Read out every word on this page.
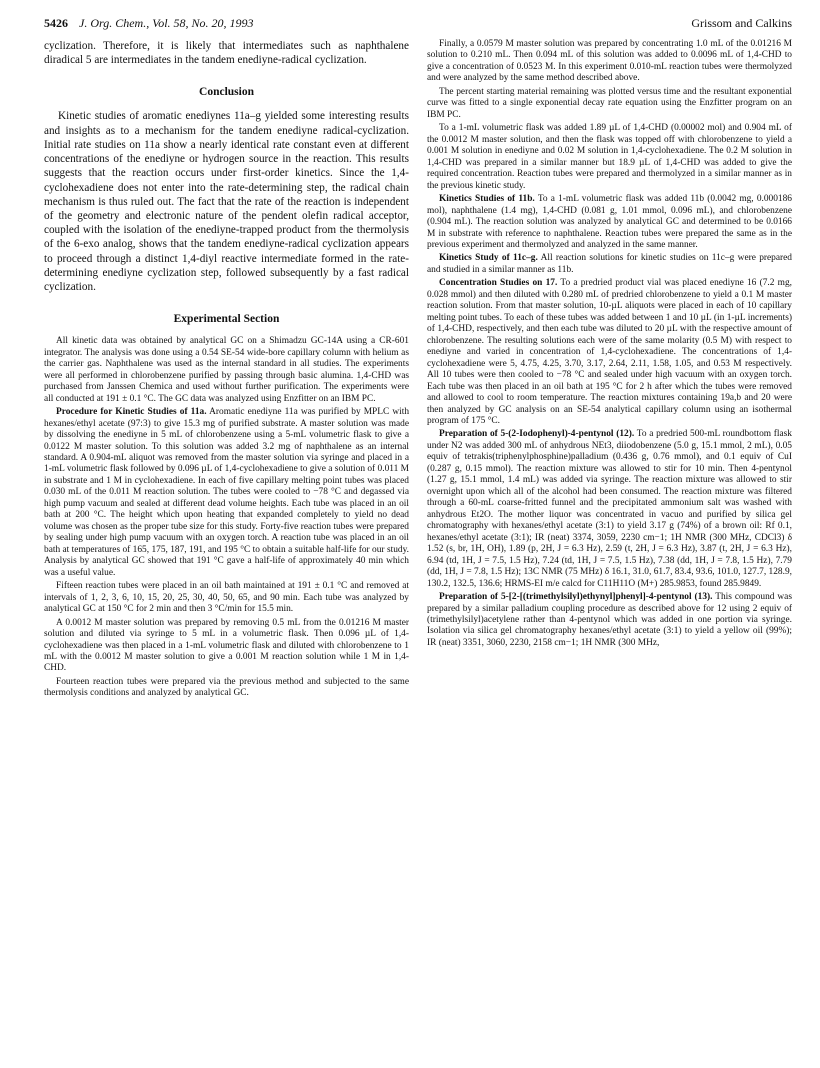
5426 J. Org. Chem., Vol. 58, No. 20, 1993	Grissom and Calkins

cyclization. Therefore, it is likely that intermediates such as naphthalene diradical 5 are intermediates in the tandem enediyne-radical cyclization.

Conclusion

Kinetic studies of aromatic enediynes 11a–g yielded some interesting results and insights as to a mechanism for the tandem enediyne radical-cyclization. Initial rate studies on 11a show a nearly identical rate constant even at different concentrations of the enediyne or hydrogen source in the reaction. This results suggests that the reaction occurs under first-order kinetics. Since the 1,4-cyclohexadiene does not enter into the rate-determining step, the radical chain mechanism is thus ruled out. The fact that the rate of the reaction is independent of the geometry and electronic nature of the pendent olefin radical acceptor, coupled with the isolation of the enediyne-trapped product from the thermolysis of the 6-exo analog, shows that the tandem enediyne-radical cyclization appears to proceed through a distinct 1,4-diyl reactive intermediate formed in the rate-determining enediyne cyclization step, followed subsequently by a fast radical cyclization.

Experimental Section

All kinetic data was obtained by analytical GC on a Shimadzu GC-14A using a CR-601 integrator. The analysis was done using a 0.54 SE-54 wide-bore capillary column with helium as the carrier gas. Naphthalene was used as the internal standard in all studies. The experiments were all performed in chlorobenzene purified by passing through basic alumina. 1,4-CHD was purchased from Janssen Chemica and used without further purification. The experiments were all conducted at 191 ± 0.1 °C. The GC data was analyzed using Enzfitter on an IBM PC.

Procedure for Kinetic Studies of 11a. Aromatic enediyne 11a was purified by MPLC with hexanes/ethyl acetate (97:3) to give 15.3 mg of purified substrate. A master solution was made by dissolving the enediyne in 5 mL of chlorobenzene using a 5-mL volumetric flask to give a 0.0122 M master solution. To this solution was added 3.2 mg of naphthalene as an internal standard. A 0.904-mL aliquot was removed from the master solution via syringe and placed in a 1-mL volumetric flask followed by 0.096 µL of 1,4-cyclohexadiene to give a solution of 0.011 M in substrate and 1 M in cyclohexadiene. In each of five capillary melting point tubes was placed 0.030 mL of the 0.011 M reaction solution. The tubes were cooled to −78 °C and degassed via high pump vacuum and sealed at different dead volume heights. Each tube was placed in an oil bath at 200 °C. The height which upon heating that expanded completely to yield no dead volume was chosen as the proper tube size for this study. Forty-five reaction tubes were prepared by sealing under high pump vacuum with an oxygen torch. A reaction tube was placed in an oil bath at temperatures of 165, 175, 187, 191, and 195 °C to obtain a suitable half-life for our study. Analysis by analytical GC showed that 191 °C gave a half-life of approximately 40 min which was a useful value.

Fifteen reaction tubes were placed in an oil bath maintained at 191 ± 0.1 °C and removed at intervals of 1, 2, 3, 6, 10, 15, 20, 25, 30, 40, 50, 65, and 90 min. Each tube was analyzed by analytical GC at 150 °C for 2 min and then 3 °C/min for 15.5 min.

A 0.0012 M master solution was prepared by removing 0.5 mL from the 0.01216 M master solution and diluted via syringe to 5 mL in a volumetric flask. Then 0.096 µL of 1,4-cyclohexadiene was then placed in a 1-mL volumetric flask and diluted with chlorobenzene to 1 mL with the 0.0012 M master solution to give a 0.001 M reaction solution while 1 M in 1,4-CHD.

Fourteen reaction tubes were prepared via the previous method and subjected to the same thermolysis conditions and analyzed by analytical GC.

Finally, a 0.0579 M master solution was prepared by concentrating 1.0 mL of the 0.01216 M solution to 0.210 mL. Then 0.094 mL of this solution was added to 0.0096 mL of 1,4-CHD to give a concentration of 0.0523 M. In this experiment 0.010-mL reaction tubes were thermolyzed and were analyzed by the same method described above.

The percent starting material remaining was plotted versus time and the resultant exponential curve was fitted to a single exponential decay rate equation using the Enzfitter program on an IBM PC.

To a 1-mL volumetric flask was added 1.89 µL of 1,4-CHD (0.00002 mol) and 0.904 mL of the 0.0012 M master solution, and then the flask was topped off with chlorobenzene to yield a 0.001 M solution in enediyne and 0.02 M solution in 1,4-cyclohexadiene. The 0.2 M solution in 1,4-CHD was prepared in a similar manner but 18.9 µL of 1,4-CHD was added to give the required concentration. Reaction tubes were prepared and thermolyzed in a similar manner as in the previous kinetic study.

Kinetics Studies of 11b. To a 1-mL volumetric flask was added 11b (0.0042 mg, 0.000186 mol), naphthalene (1.4 mg), 1,4-CHD (0.081 g, 1.01 mmol, 0.096 mL), and chlorobenzene (0.904 mL). The reaction solution was analyzed by analytical GC and determined to be 0.0166 M in substrate with reference to naphthalene. Reaction tubes were prepared the same as in the previous experiment and thermolyzed and analyzed in the same manner.

Kinetics Study of 11c–g. All reaction solutions for kinetic studies on 11c–g were prepared and studied in a similar manner as 11b.

Concentration Studies on 17. To a predried product vial was placed enediyne 16 (7.2 mg, 0.028 mmol) and then diluted with 0.280 mL of predried chlorobenzene to yield a 0.1 M master reaction solution. From that master solution, 10-µL aliquots were placed in each of 10 capillary melting point tubes. To each of these tubes was added between 1 and 10 µL (in 1-µL increments) of 1,4-CHD, respectively, and then each tube was diluted to 20 µL with the respective amount of chlorobenzene. The resulting solutions each were of the same molarity (0.5 M) with respect to enediyne and varied in concentration of 1,4-cyclohexadiene. The concentrations of 1,4-cyclohexadiene were 5, 4.75, 4.25, 3.70, 3.17, 2.64, 2.11, 1.58, 1.05, and 0.53 M respectively. All 10 tubes were then cooled to −78 °C and sealed under high vacuum with an oxygen torch. Each tube was then placed in an oil bath at 195 °C for 2 h after which the tubes were removed and allowed to cool to room temperature. The reaction mixtures containing 19a,b and 20 were then analyzed by GC analysis on an SE-54 analytical capillary column using an isothermal program of 175 °C.

Preparation of 5-(2-Iodophenyl)-4-pentynol (12). To a predried 500-mL roundbottom flask under N2 was added 300 mL of anhydrous NEt3, diiodobenzene (5.0 g, 15.1 mmol, 2 mL), 0.05 equiv of tetrakis(triphenylphosphine)palladium (0.436 g, 0.76 mmol), and 0.1 equiv of CuI (0.287 g, 0.15 mmol). The reaction mixture was allowed to stir for 10 min. Then 4-pentynol (1.27 g, 15.1 mmol, 1.4 mL) was added via syringe. The reaction mixture was allowed to stir overnight upon which all of the alcohol had been consumed. The reaction mixture was filtered through a 60-mL coarse-fritted funnel and the precipitated ammonium salt was washed with anhydrous Et2O. The mother liquor was concentrated in vacuo and purified by silica gel chromatography with hexanes/ethyl acetate (3:1) to yield 3.17 g (74%) of a brown oil: Rf 0.1, hexanes/ethyl acetate (3:1); IR (neat) 3374, 3059, 2230 cm−1; 1H NMR (300 MHz, CDCl3) δ 1.52 (s, br, 1H, OH), 1.89 (p, 2H, J = 6.3 Hz), 2.59 (t, 2H, J = 6.3 Hz), 3.87 (t, 2H, J = 6.3 Hz), 6.94 (td, 1H, J = 7.5, 1.5 Hz), 7.24 (td, 1H, J = 7.5, 1.5 Hz), 7.38 (dd, 1H, J = 7.8, 1.5 Hz), 7.79 (dd, 1H, J = 7.8, 1.5 Hz); 13C NMR (75 MHz) δ 16.1, 31.0, 61.7, 83.4, 93.6, 101.0, 127.7, 128.9, 130.2, 132.5, 136.6; HRMS-EI m/e calcd for C11H11O (M+) 285.9853, found 285.9849.

Preparation of 5-[2-[(trimethylsilyl)ethynyl]phenyl]-4-pentynol (13). This compound was prepared by a similar palladium coupling procedure as described above for 12 using 2 equiv of (trimethylsilyl)acetylene rather than 4-pentynol which was added in one portion via syringe. Isolation via silica gel chromatography hexanes/ethyl acetate (3:1) to yield a yellow oil (99%); IR (neat) 3351, 3060, 2230, 2158 cm−1; 1H NMR (300 MHz,
